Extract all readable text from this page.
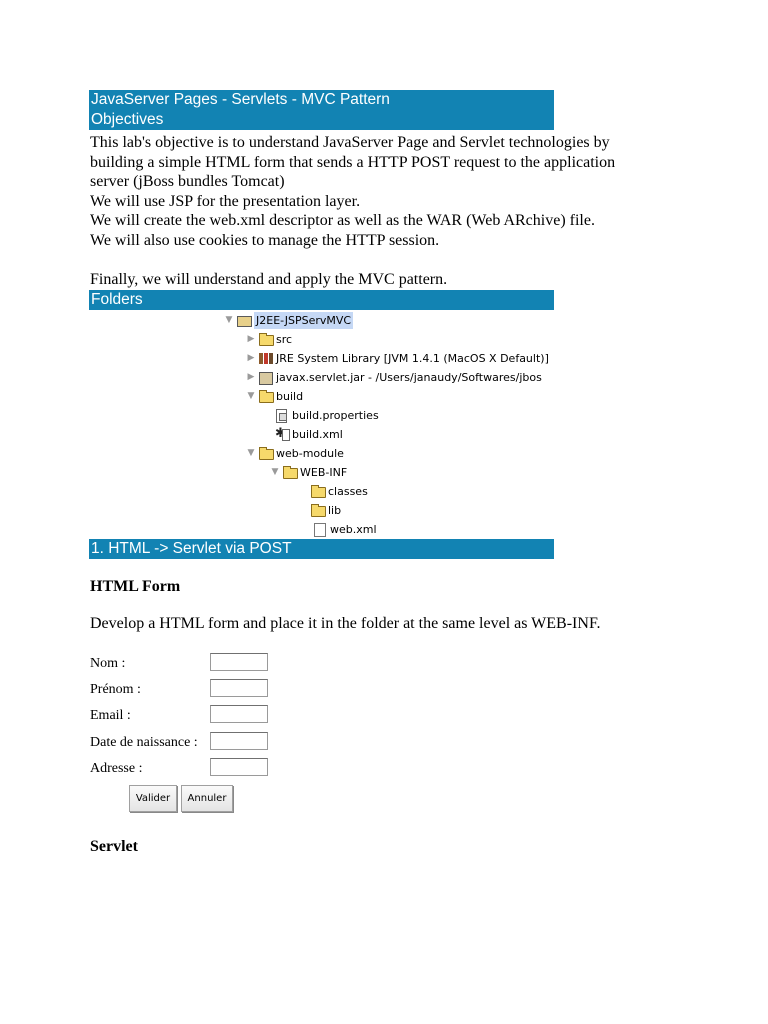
JavaServer Pages - Servlets - MVC Pattern
Objectives
This lab's objective is to understand JavaServer Page and Servlet technologies by
building a simple HTML form that sends a HTTP POST request to the application
server (jBoss bundles Tomcat)
We will use JSP for the presentation layer.
We will create the web.xml descriptor as well as the WAR (Web ARchive) file.
We will also use cookies to manage the HTTP session.
Finally, we will understand and apply the MVC pattern.
Folders
▼	J2EE-JSPServMVC
▶	src
▶	JRE System Library [JVM 1.4.1 (MacOS X Default)]
▶	javax.servlet.jar - /Users/janaudy/Softwares/jbos
▼	build
build.properties
✱
build.xml
▼	web-module
▼	WEB-INF
classes
lib
web.xml
1. HTML -> Servlet via POST
HTML Form
Develop a HTML form and place it in the folder at the same level as WEB-INF.
Nom :
Prénom :
Email :
Date de naissance :
Adresse :
Valider	Annuler
Servlet
